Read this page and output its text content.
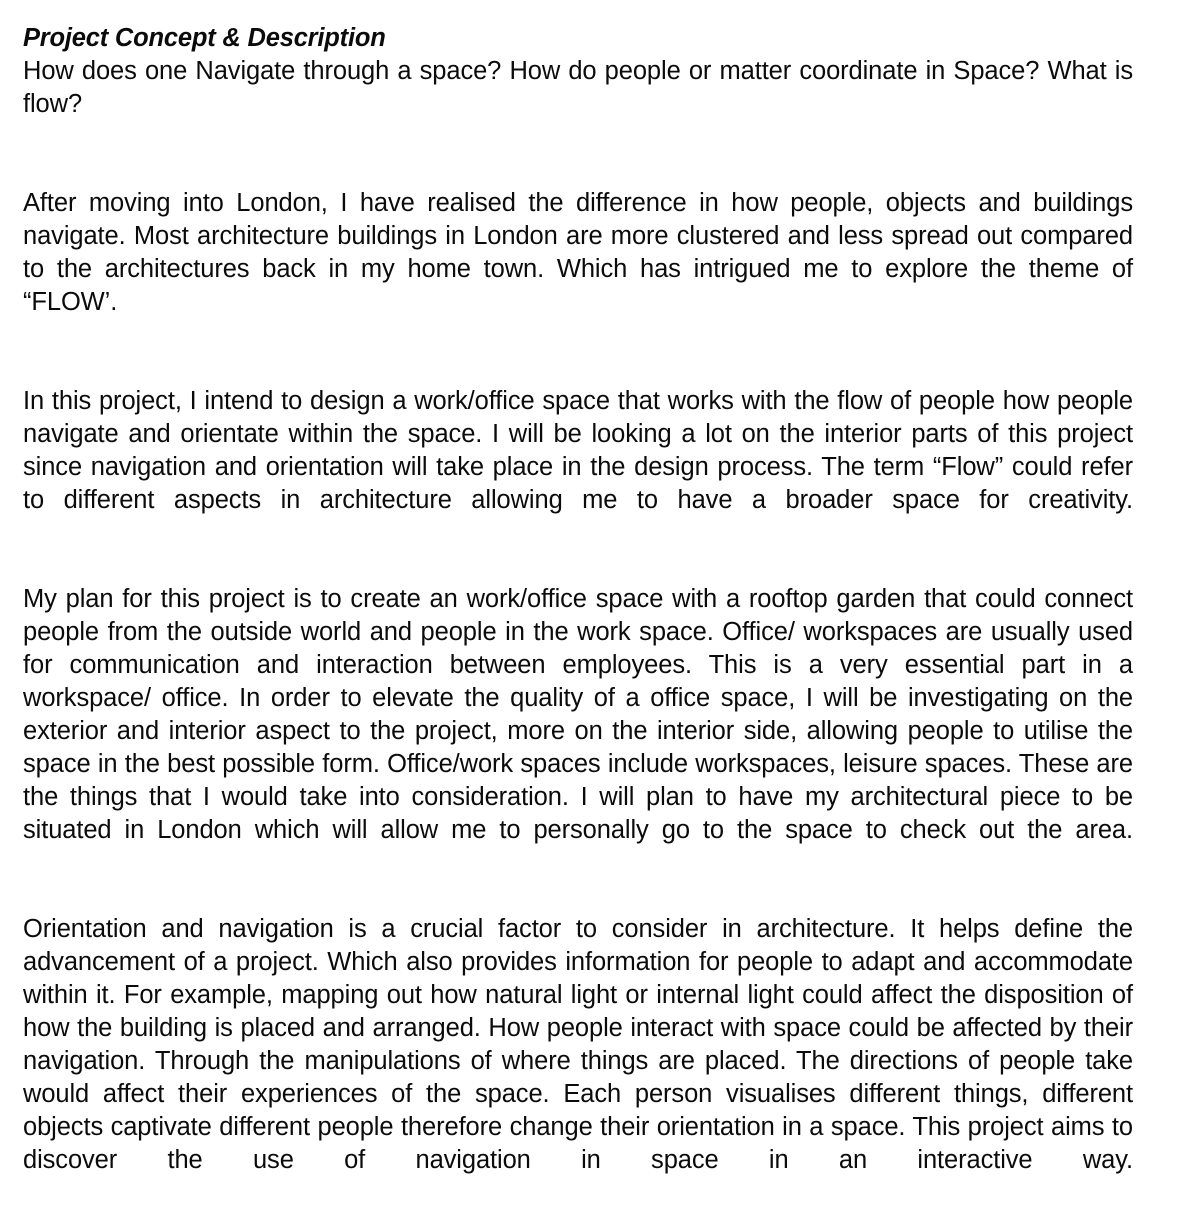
Project Concept & Description

How does one Navigate through a space? How do people or matter coordinate in Space? What is flow?

After moving into London, I have realised the difference in how people, objects and buildings navigate. Most architecture buildings in London are more clustered and less spread out compared to the architectures back in my home town. Which has intrigued me to explore the theme of “FLOW’.

In this project, I intend to design a work/office space that works with the flow of people how people navigate and orientate within the space. I will be looking a lot on the interior parts of this project since navigation and orientation will take place in the design process. The term “Flow” could refer to different aspects in architecture allowing me to have a broader space for creativity.

My plan for this project is to create an work/office space with a rooftop garden that could connect people from the outside world and people in the work space. Office/ workspaces are usually used for communication and interaction between employees. This is a very essential part in a workspace/ office. In order to elevate the quality of a office space, I will be investigating on the exterior and interior aspect to the project, more on the interior side, allowing people to utilise the space in the best possible form. Office/work spaces include workspaces, leisure spaces. These are the things that I would take into consideration. I will plan to have my architectural piece to be situated in London which will allow me to personally go to the space to check out the area.

Orientation and navigation is a crucial factor to consider in architecture. It helps define the advancement of a project. Which also provides information for people to adapt and accommodate within it. For example, mapping out how natural light or internal light could affect the disposition of how the building is placed and arranged. How people interact with space could be affected by their navigation. Through the manipulations of where things are placed. The directions of people take would affect their experiences of the space. Each person visualises different things, different objects captivate different people therefore change their orientation in a space. This project aims to discover the use of navigation in space in an interactive way.
